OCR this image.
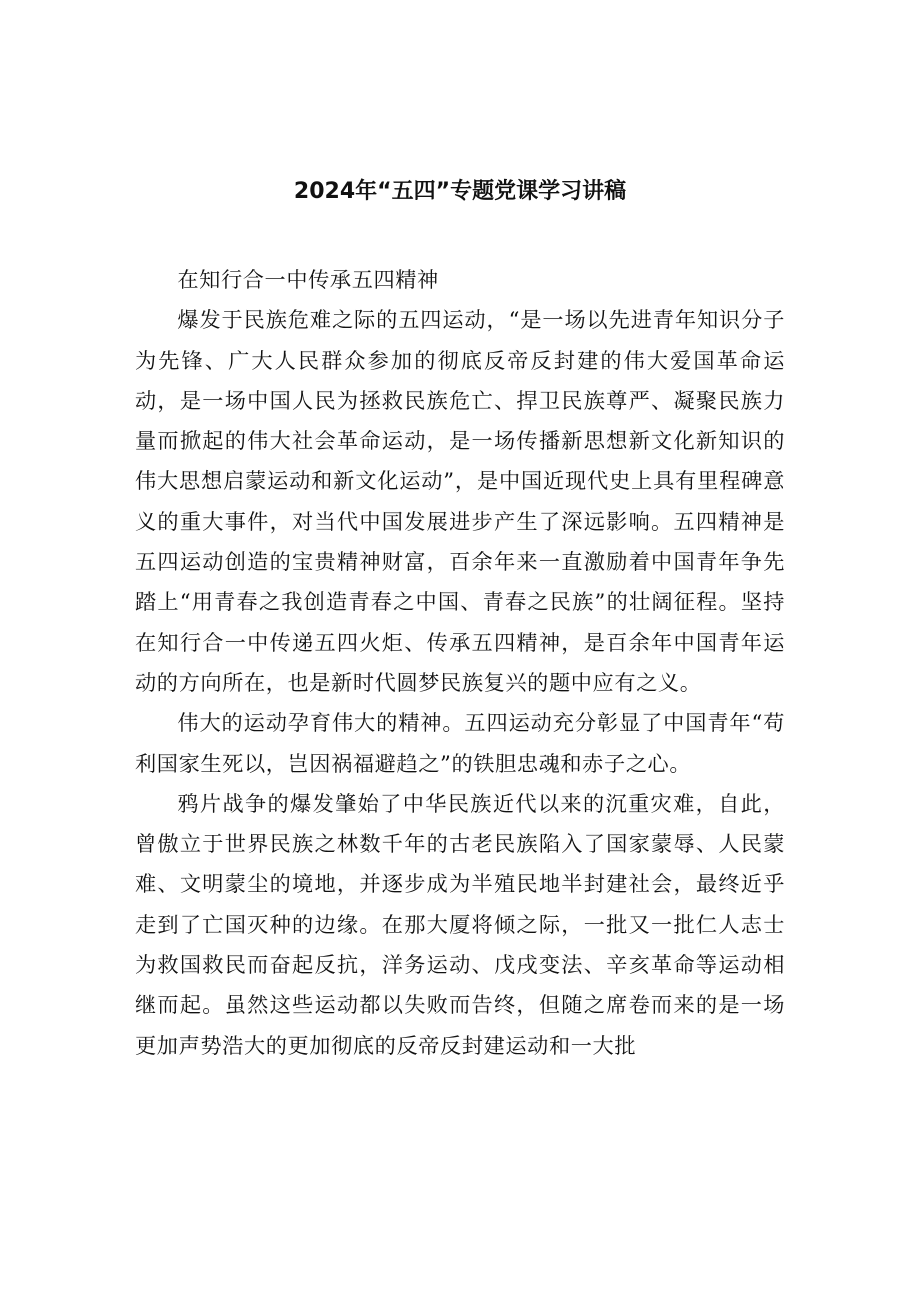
2024年“五四”专题党课学习讲稿

在知行合一中传承五四精神

爆发于民族危难之际的五四运动，“是一场以先进青年知识分子为先锋、广大人民群众参加的彻底反帝反封建的伟大爱国革命运动，是一场中国人民为拯救民族危亡、捍卫民族尊严、凝聚民族力量而掀起的伟大社会革命运动，是一场传播新思想新文化新知识的伟大思想启蒙运动和新文化运动”，是中国近现代史上具有里程碑意义的重大事件，对当代中国发展进步产生了深远影响。五四精神是五四运动创造的宝贵精神财富，百余年来一直激励着中国青年争先踏上“用青春之我创造青春之中国、青春之民族”的壮阔征程。坚持在知行合一中传递五四火炬、传承五四精神，是百余年中国青年运动的方向所在，也是新时代圆梦民族复兴的题中应有之义。

伟大的运动孕育伟大的精神。五四运动充分彰显了中国青年“苟利国家生死以，岂因祸福避趋之”的铁胆忠魂和赤子之心。

鸦片战争的爆发肇始了中华民族近代以来的沉重灾难，自此，曾傲立于世界民族之林数千年的古老民族陷入了国家蒙辱、人民蒙难、文明蒙尘的境地，并逐步成为半殖民地半封建社会，最终近乎走到了亡国灭种的边缘。在那大厦将倾之际，一批又一批仁人志士为救国救民而奋起反抗，洋务运动、戊戌变法、辛亥革命等运动相继而起。虽然这些运动都以失败而告终，但随之席卷而来的是一场更加声势浩大的更加彻底的反帝反封建运动和一大批
